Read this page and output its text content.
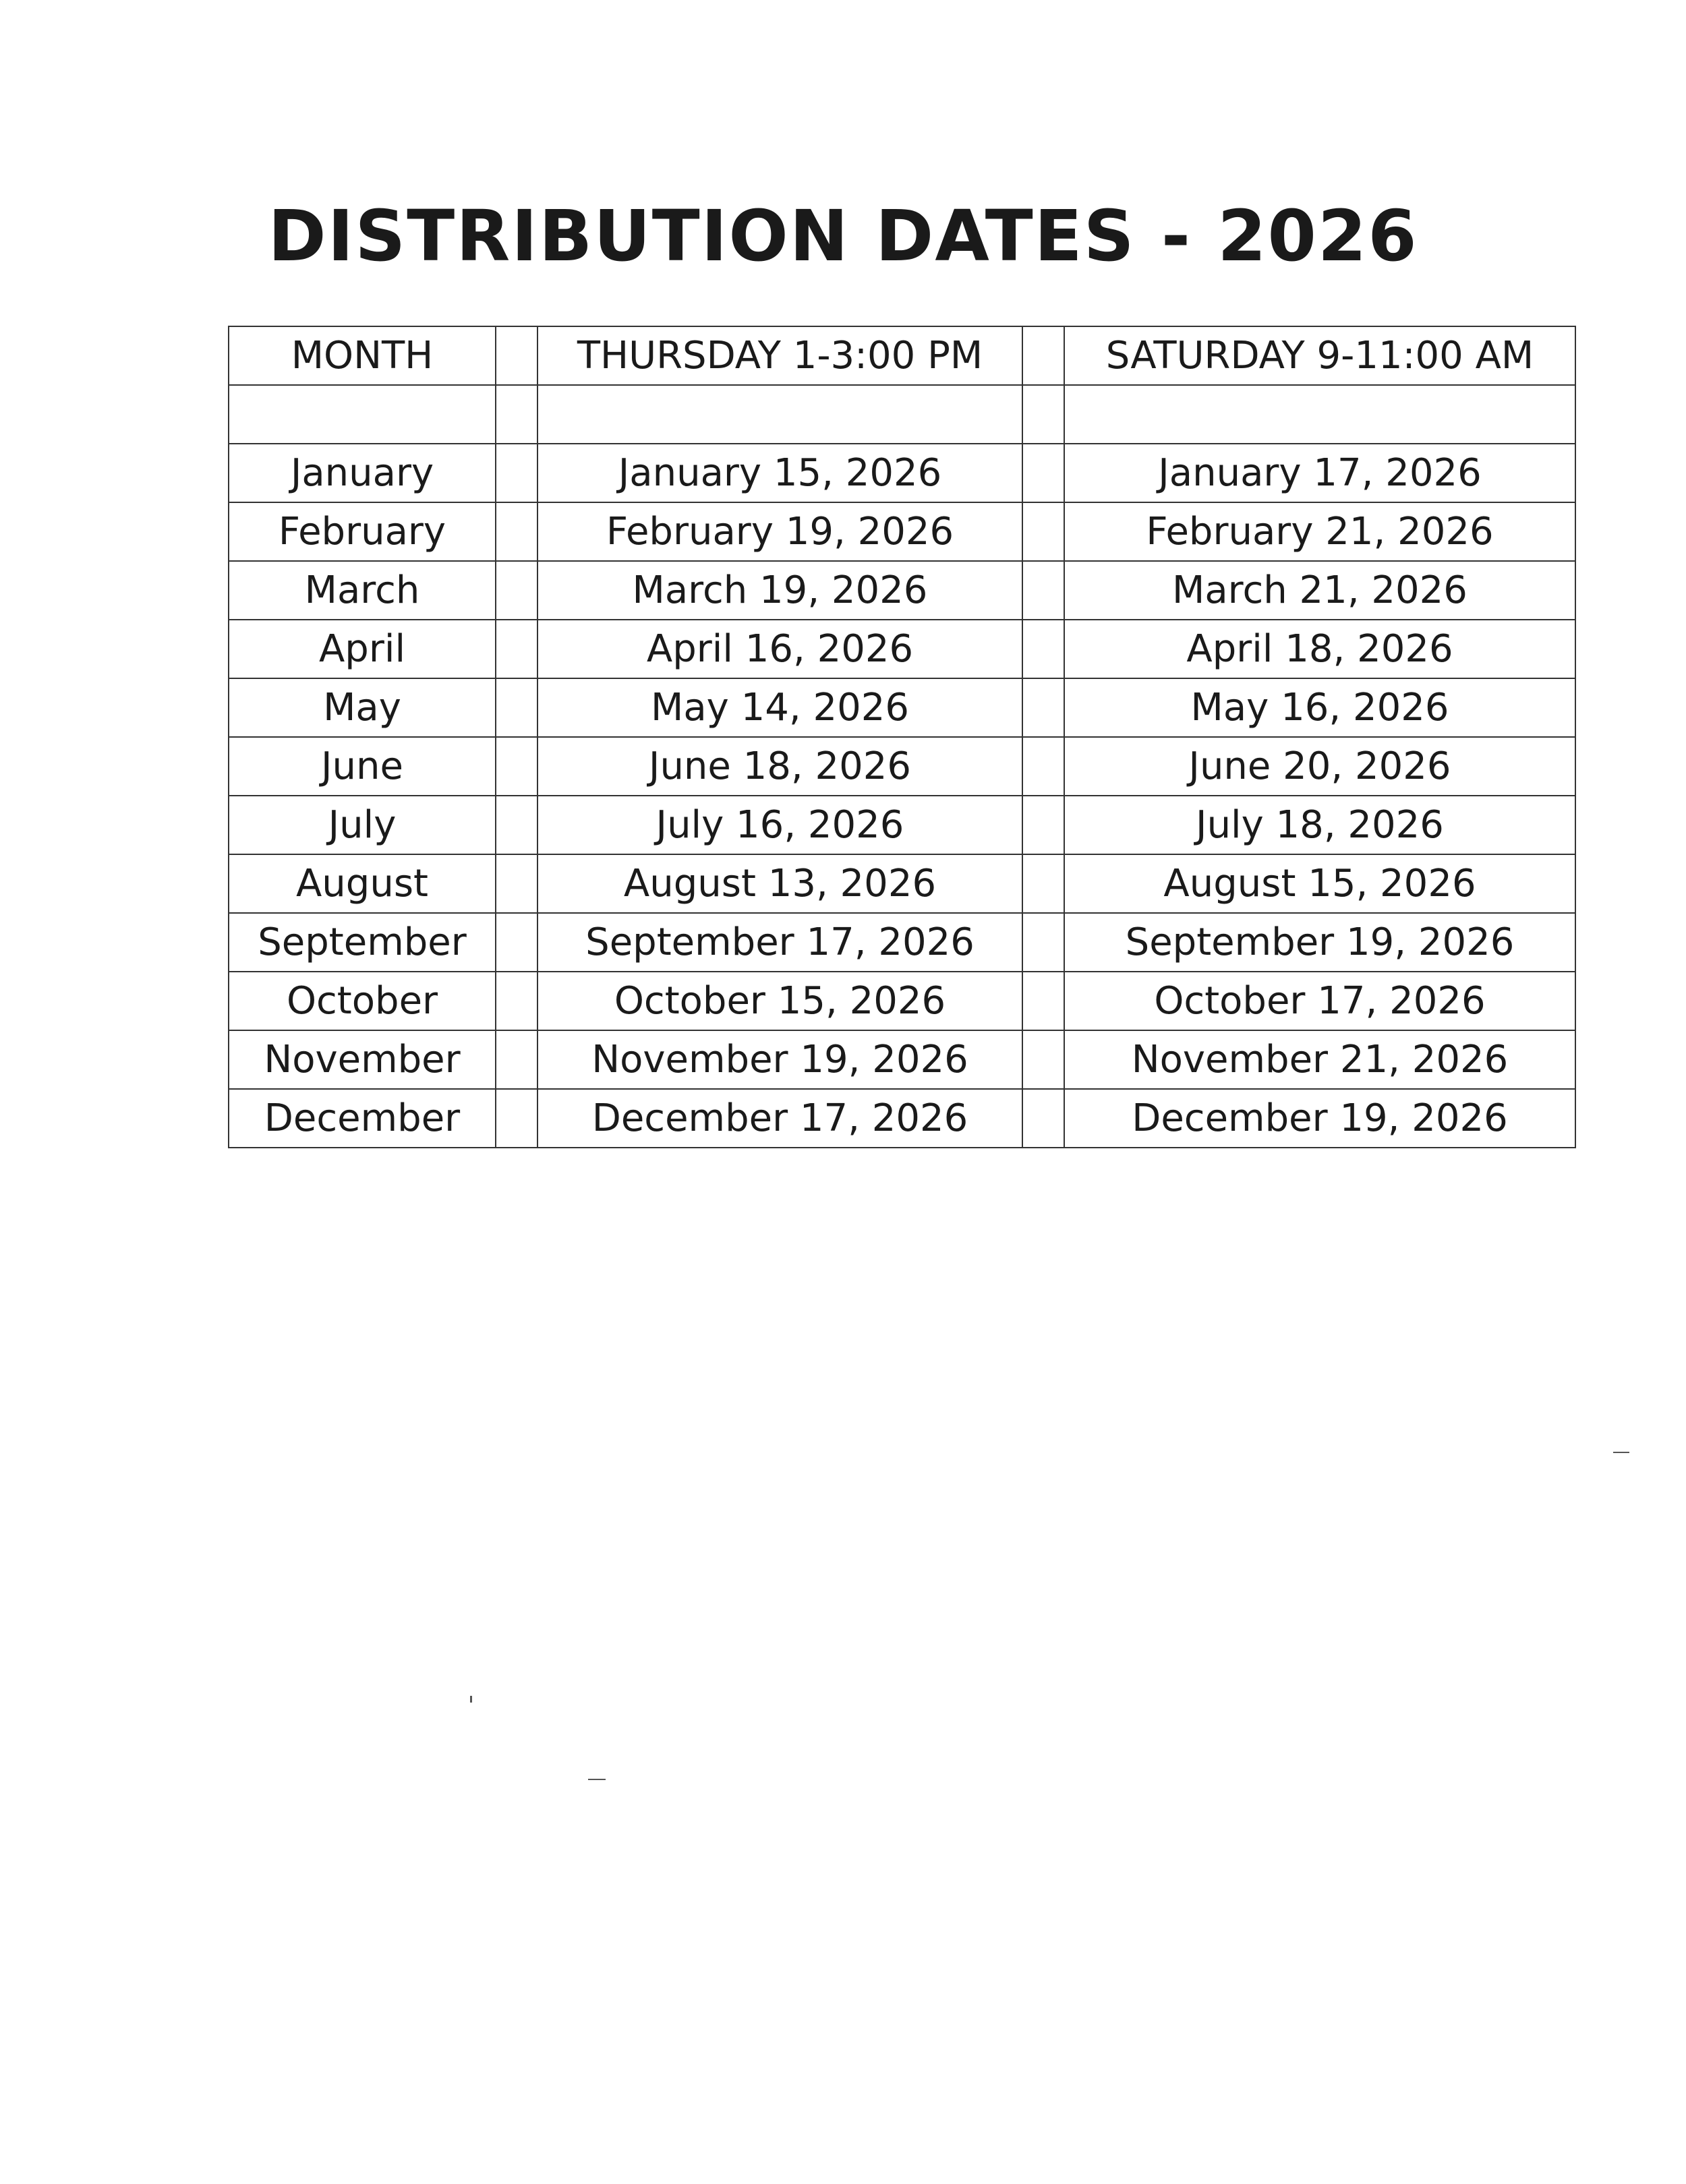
DISTRIBUTION DATES - 2026
MONTH		THURSDAY 1-3:00 PM		SATURDAY 9-11:00 AM

January		January 15, 2026		January 17, 2026
February		February 19, 2026		February 21, 2026
March		March 19, 2026		March 21, 2026
April		April 16, 2026		April 18, 2026
May		May 14, 2026		May 16, 2026
June		June 18, 2026		June 20, 2026
July		July 16, 2026		July 18, 2026
August		August 13, 2026		August 15, 2026
September		September 17, 2026		September 19, 2026
October		October 15, 2026		October 17, 2026
November		November 19, 2026		November 21, 2026
December		December 17, 2026		December 19, 2026
